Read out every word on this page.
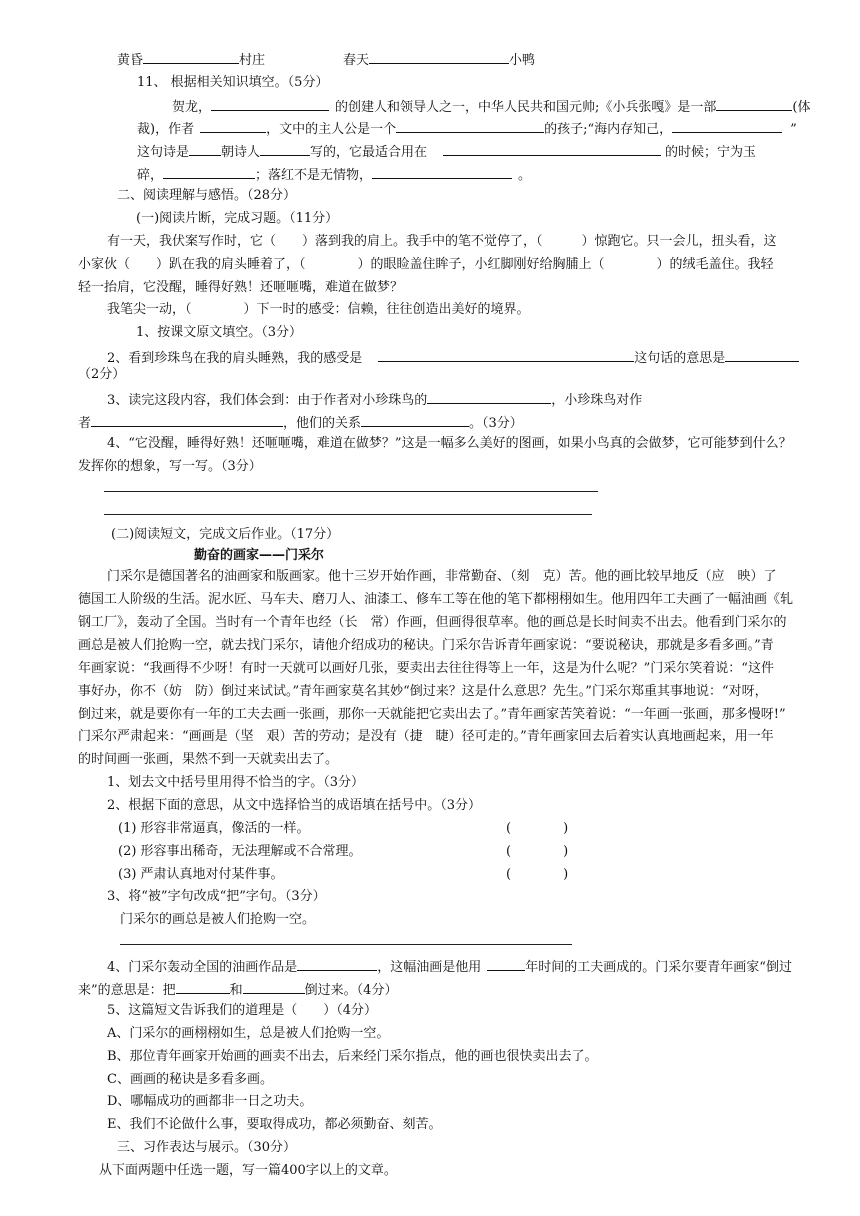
黄昏	村庄	春天	小鸭
11、 根据相关知识填空。（5分）
贺龙，	的创建人和领导人之一，中华人民共和国元帅;《小兵张嘎》是一部	(体
裁)，作者	，文中的主人公是一个	的孩子;“海内存知己，	”
这句诗是 朝诗人	写的，它最适合用在	的时候；宁为玉
碎，	；落红不是无情物，	。
二、阅读理解与感悟。（28分）
(一)阅读片断，完成习题。（11分）
有一天，我伏案写作时，它（　　）落到我的肩上。我手中的笔不觉停了，（　　　）惊跑它。只一会儿，扭头看，这
小家伙（　　）趴在我的肩头睡着了，（　　　　）的眼睑盖住眸子，小红脚刚好给胸脯上（　　　　）的绒毛盖住。我轻
轻一抬肩，它没醒，睡得好熟！还咂咂嘴，难道在做梦？
我笔尖一动，（　　　　）下一时的感受：信赖，往往创造出美好的境界。
1、按课文原文填空。（3分）
2、看到珍珠鸟在我的肩头睡熟，我的感受是	这句话的意思是
（2分）
3、读完这段内容，我们体会到：由于作者对小珍珠鸟的	，小珍珠鸟对作
者	，他们的关系	。（3分）
4、“它没醒，睡得好熟！还咂咂嘴，难道在做梦？”这是一幅多么美好的图画，如果小鸟真的会做梦，它可能梦到什么？
发挥你的想象，写一写。（3分）
(二)阅读短文，完成文后作业。（17分）
勤奋的画家——门采尔
门采尔是德国著名的油画家和版画家。他十三岁开始作画，非常勤奋、（刻　克）苦。他的画比较早地反（应　映）了
德国工人阶级的生活。泥水匠、马车夫、磨刀人、油漆工、修车工等在他的笔下都栩栩如生。他用四年工夫画了一幅油画《轧
钢工厂》，轰动了全国。当时有一个青年也经（长　常）作画，但画得很草率。他的画总是长时间卖不出去。他看到门采尔的
画总是被人们抢购一空，就去找门采尔，请他介绍成功的秘诀。门采尔告诉青年画家说：“要说秘诀，那就是多看多画。”青
年画家说：“我画得不少呀！有时一天就可以画好几张，要卖出去往往得等上一年，这是为什么呢？”门采尔笑着说：“这件
事好办，你不（妨　防）倒过来试试。”青年画家莫名其妙“倒过来？这是什么意思？先生。”门采尔郑重其事地说：“对呀，
倒过来，就是要你有一年的工夫去画一张画，那你一天就能把它卖出去了。”青年画家苦笑着说：“一年画一张画，那多慢呀!”
门采尔严肃起来：“画画是（坚　艰）苦的劳动；是没有（捷　睫）径可走的。”青年画家回去后着实认真地画起来，用一年
的时间画一张画，果然不到一天就卖出去了。
1、划去文中括号里用得不恰当的字。（3分）
2、根据下面的意思，从文中选择恰当的成语填在括号中。（3分）
(1) 形容非常逼真，像活的一样。	(　　　　)
(2) 形容事出稀奇，无法理解或不合常理。	(　　　　)
(3) 严肃认真地对付某件事。	(　　　　)
3、将“被”字句改成“把”字句。（3分）
门采尔的画总是被人们抢购一空。
4、门采尔轰动全国的油画作品是	，这幅油画是他用	年时间的工夫画成的。门采尔要青年画家“倒过
来”的意思是：把	和	倒过来。（4分）
5、这篇短文告诉我们的道理是（　　）（4分）
A、门采尔的画栩栩如生，总是被人们抢购一空。
B、那位青年画家开始画的画卖不出去，后来经门采尔指点，他的画也很快卖出去了。
C、画画的秘诀是多看多画。
D、哪幅成功的画都非一日之功夫。
E、我们不论做什么事，要取得成功，都必须勤奋、刻苦。
三、习作表达与展示。（30分）
从下面两题中任选一题，写一篇400字以上的文章。
